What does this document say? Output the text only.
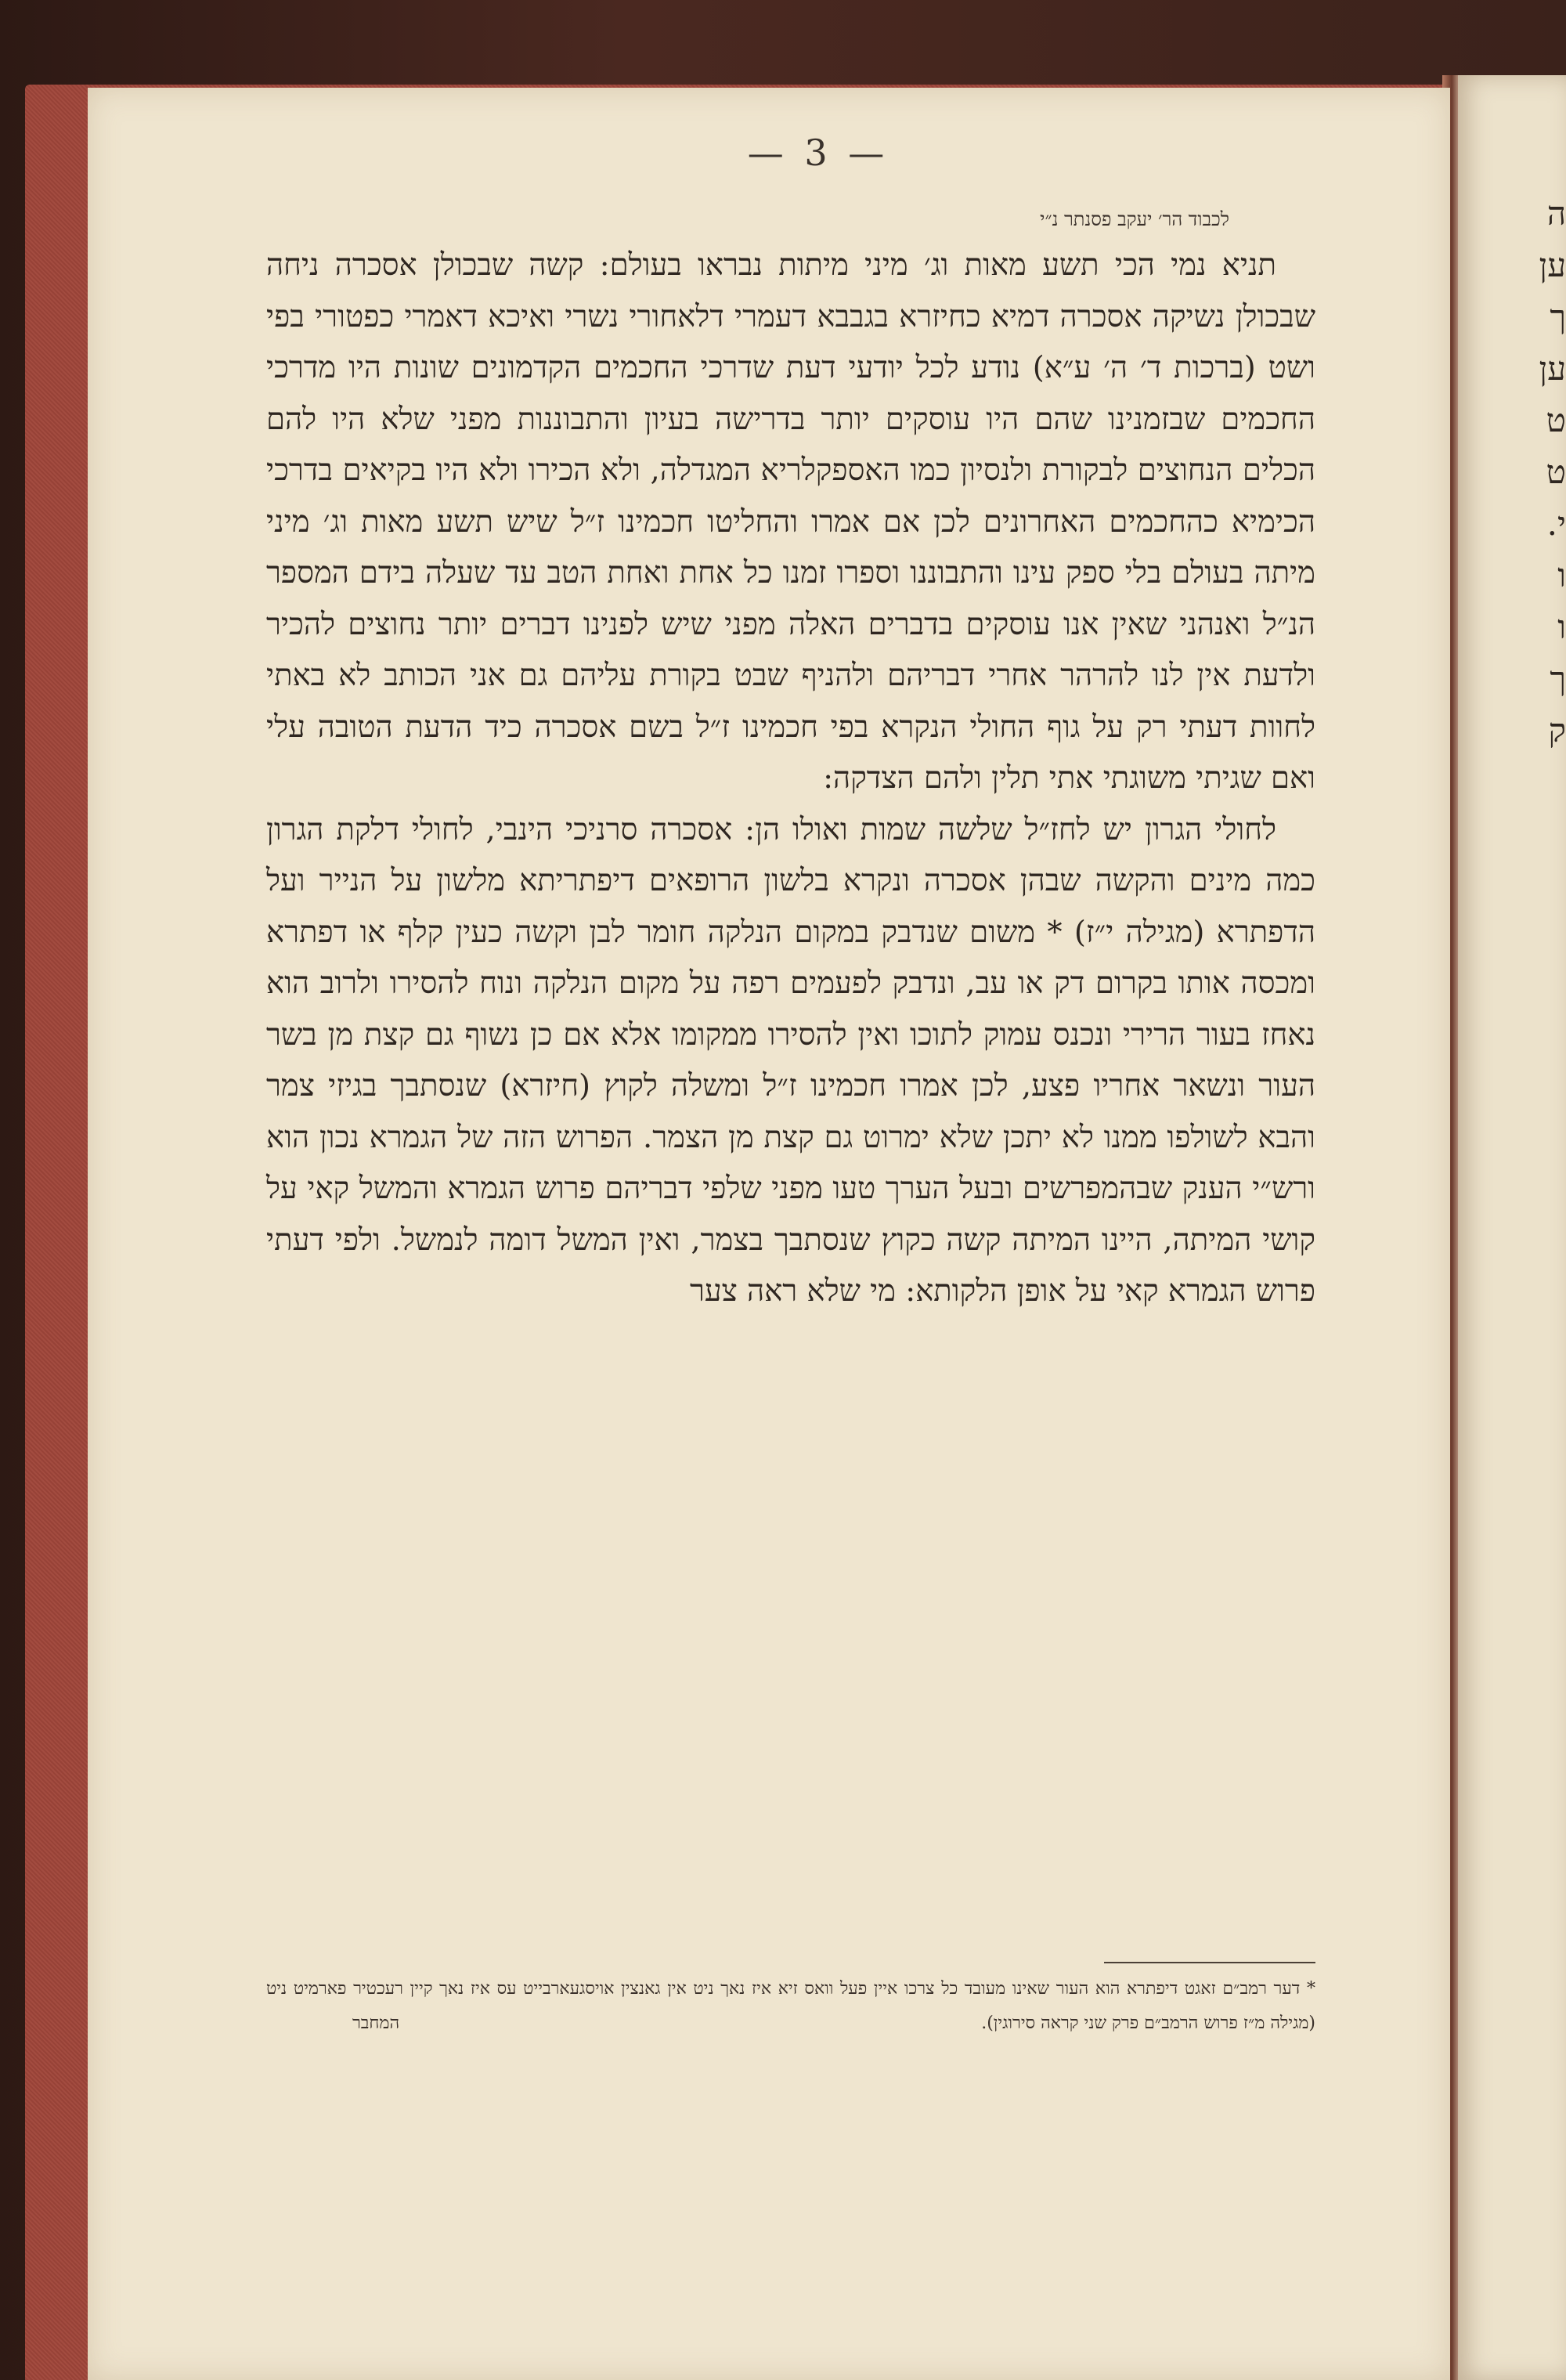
ה
ען
ך
ען
ט
ט
י.
ו
ו
ך
ק
— 3 —
לכבוד הר׳ יעקב פסנתר נ״י

תניא נמי הכי תשע מאות וג׳ מיני מיתות נבראו בעולם: קשה שבכולן אסכרה ניחה שבכולן נשיקה אסכרה דמיא כחיזרא בגבבא דעמרי דלאחורי נשרי ואיכא דאמרי כפטורי בפי ושט (ברכות ד׳ ה׳ ע״א) נודע לכל יודעי דעת שדרכי החכמים הקדמונים שונות היו מדרכי החכמים שבזמנינו שהם היו עוסקים יותר בדרישה בעיון והתבוננות מפני שלא היו להם הכלים הנחוצים לבקורת ולנסיון כמו האספקלריא המגדלה, ולא הכירו ולא היו בקיאים בדרכי הכימיא כהחכמים האחרונים לכן אם אמרו והחליטו חכמינו ז״ל שיש תשע מאות וג׳ מיני מיתה בעולם בלי ספק עינו והתבוננו וספרו זמנו כל אחת ואחת הטב עד שעלה בידם המספר הנ״ל ואנהני שאין אנו עוסקים בדברים האלה מפני שיש לפנינו דברים יותר נחוצים להכיר ולדעת אין לנו להרהר אחרי דבריהם ולהניף שבט בקורת עליהם גם אני הכותב לא באתי לחוות דעתי רק על גוף החולי הנקרא בפי חכמינו ז״ל בשם אסכרה כיד הדעת הטובה עלי ואם שגיתי משוגתי אתי תלין ולהם הצדקה:

לחולי הגרון יש לחז״ל שלשה שמות ואולו הן: אסכרה סרניכי הינבי, לחולי דלקת הגרון כמה מינים והקשה שבהן אסכרה ונקרא בלשון הרופאים דיפתריתא מלשון על הנייר ועל הדפתרא (מגילה י״ז) * משום שנדבק במקום הנלקה חומר לבן וקשה כעין קלף או דפתרא ומכסה אותו בקרום דק או עב, ונדבק לפעמים רפה על מקום הנלקה ונוח להסירו ולרוב הוא נאחז בעור הרירי ונכנס עמוק לתוכו ואין להסירו ממקומו אלא אם כן נשוף גם קצת מן בשר העור ונשאר אחריו פצע, לכן אמרו חכמינו ז״ל ומשלה לקוץ (חיזרא) שנסתבך בגיזי צמר והבא לשולפו ממנו לא יתכן שלא ימרוט גם קצת מן הצמר. הפרוש הזה של הגמרא נכון הוא ורש״י הענק שבהמפרשים ובעל הערך טעו מפני שלפי דבריהם פרוש הגמרא והמשל קאי על קושי המיתה, היינו המיתה קשה כקוץ שנסתבך בצמר, ואין המשל דומה לנמשל. ולפי דעתי פרוש הגמרא קאי על אופן הלקותא: מי שלא ראה צער

* דער רמב״ם זאגט דיפתרא הוא העור שאינו מעובד כל צרכו איין פעל וואס זיא איז נאך ניט אין גאנצין אויסגעארבייט עס איז נאך קיין רעכטיר פארמיט ניט (מגילה מ״ז פרוש הרמב״ם פרק שני קראה סירוגין).
המחבר
